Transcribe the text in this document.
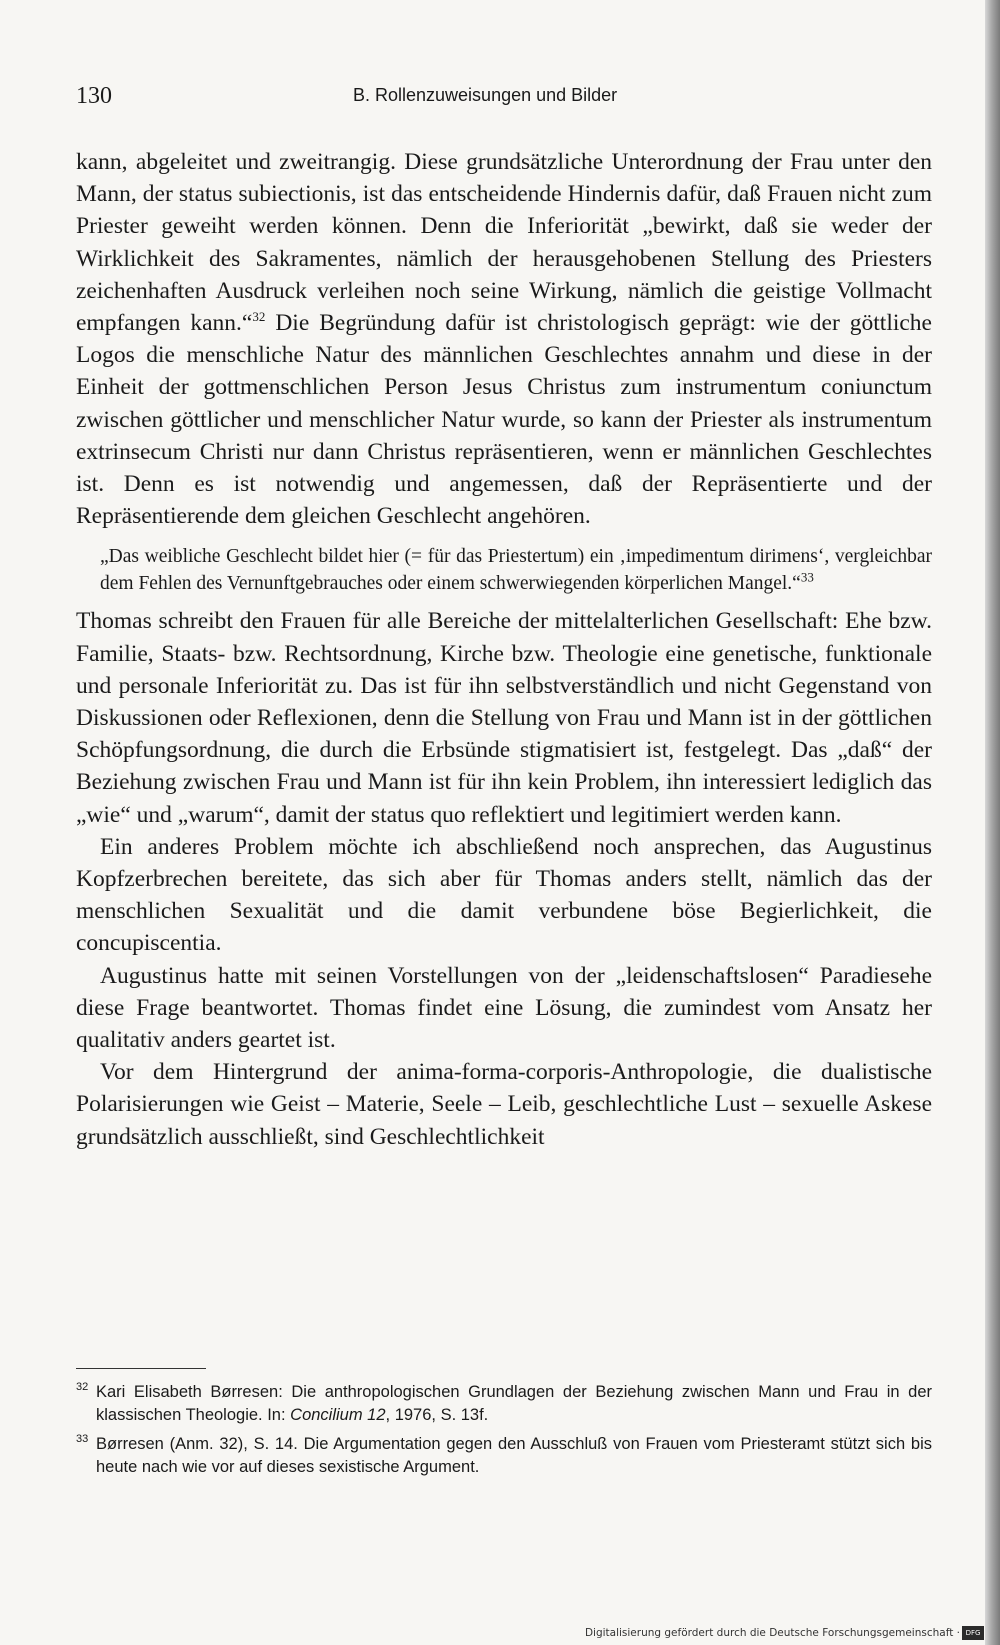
130	B. Rollenzuweisungen und Bilder

kann, abgeleitet und zweitrangig. Diese grundsätzliche Unterordnung der Frau unter den Mann, der status subiectionis, ist das entscheidende Hindernis dafür, daß Frauen nicht zum Priester geweiht werden können. Denn die Inferiorität „bewirkt, daß sie weder der Wirklichkeit des Sakramentes, nämlich der herausgehobenen Stellung des Priesters zeichenhaften Ausdruck verleihen noch seine Wirkung, nämlich die geistige Vollmacht empfangen kann.“$^{32}$ Die Begründung dafür ist christologisch geprägt: wie der göttliche Logos die menschliche Natur des männlichen Geschlechtes annahm und diese in der Einheit der gottmenschlichen Person Jesus Christus zum instrumentum coniunctum zwischen göttlicher und menschlicher Natur wurde, so kann der Priester als instrumentum extrinsecum Christi nur dann Christus repräsentieren, wenn er männlichen Geschlechtes ist. Denn es ist notwendig und angemessen, daß der Repräsentierte und der Repräsentierende dem gleichen Geschlecht angehören.

„Das weibliche Geschlecht bildet hier (= für das Priestertum) ein ‚impedimentum dirimens‘, vergleichbar dem Fehlen des Vernunftgebrauches oder einem schwerwiegenden körperlichen Mangel.“$^{33}$

Thomas schreibt den Frauen für alle Bereiche der mittelalterlichen Gesellschaft: Ehe bzw. Familie, Staats- bzw. Rechtsordnung, Kirche bzw. Theologie eine genetische, funktionale und personale Inferiorität zu. Das ist für ihn selbstverständlich und nicht Gegenstand von Diskussionen oder Reflexionen, denn die Stellung von Frau und Mann ist in der göttlichen Schöpfungsordnung, die durch die Erbsünde stigmatisiert ist, festgelegt. Das „daß“ der Beziehung zwischen Frau und Mann ist für ihn kein Problem, ihn interessiert lediglich das „wie“ und „warum“, damit der status quo reflektiert und legitimiert werden kann.

Ein anderes Problem möchte ich abschließend noch ansprechen, das Augustinus Kopfzerbrechen bereitete, das sich aber für Thomas anders stellt, nämlich das der menschlichen Sexualität und die damit verbundene böse Begierlichkeit, die concupiscentia.

Augustinus hatte mit seinen Vorstellungen von der „leidenschaftslosen“ Paradiesehe diese Frage beantwortet. Thomas findet eine Lösung, die zumindest vom Ansatz her qualitativ anders geartet ist.

Vor dem Hintergrund der anima-forma-corporis-Anthropologie, die dualistische Polarisierungen wie Geist – Materie, Seele – Leib, geschlechtliche Lust – sexuelle Askese grundsätzlich ausschließt, sind Geschlechtlichkeit

32 Kari Elisabeth Børresen: Die anthropologischen Grundlagen der Beziehung zwischen Mann und Frau in der klassischen Theologie. In: Concilium 12, 1976, S. 13f.

33 Børresen (Anm. 32), S. 14. Die Argumentation gegen den Ausschluß von Frauen vom Priesteramt stützt sich bis heute nach wie vor auf dieses sexistische Argument.

Digitalisierung gefördert durch die Deutsche Forschungsgemeinschaft · DFG
